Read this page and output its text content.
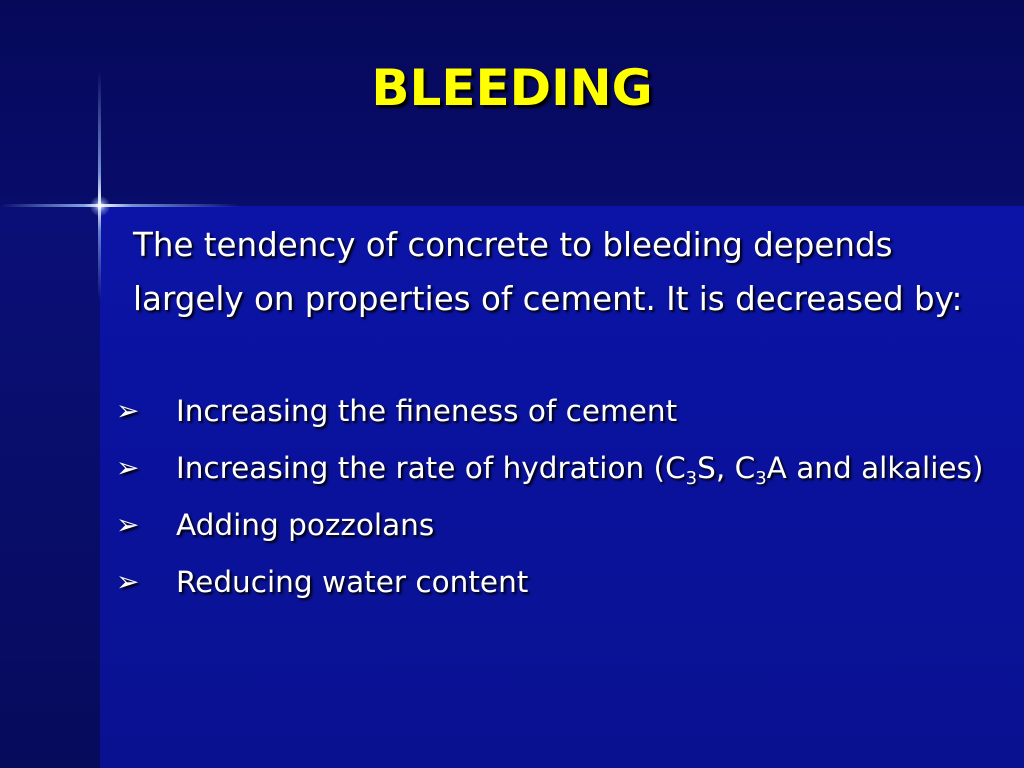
BLEEDING

The tendency of concrete to bleeding depends largely on properties of cement. It is decreased by:

➢	Increasing the fineness of cement
➢	Increasing the rate of hydration ($C_3S$, $C_3A$ and alkalies)
➢	Adding pozzolans
➢	Reducing water content
